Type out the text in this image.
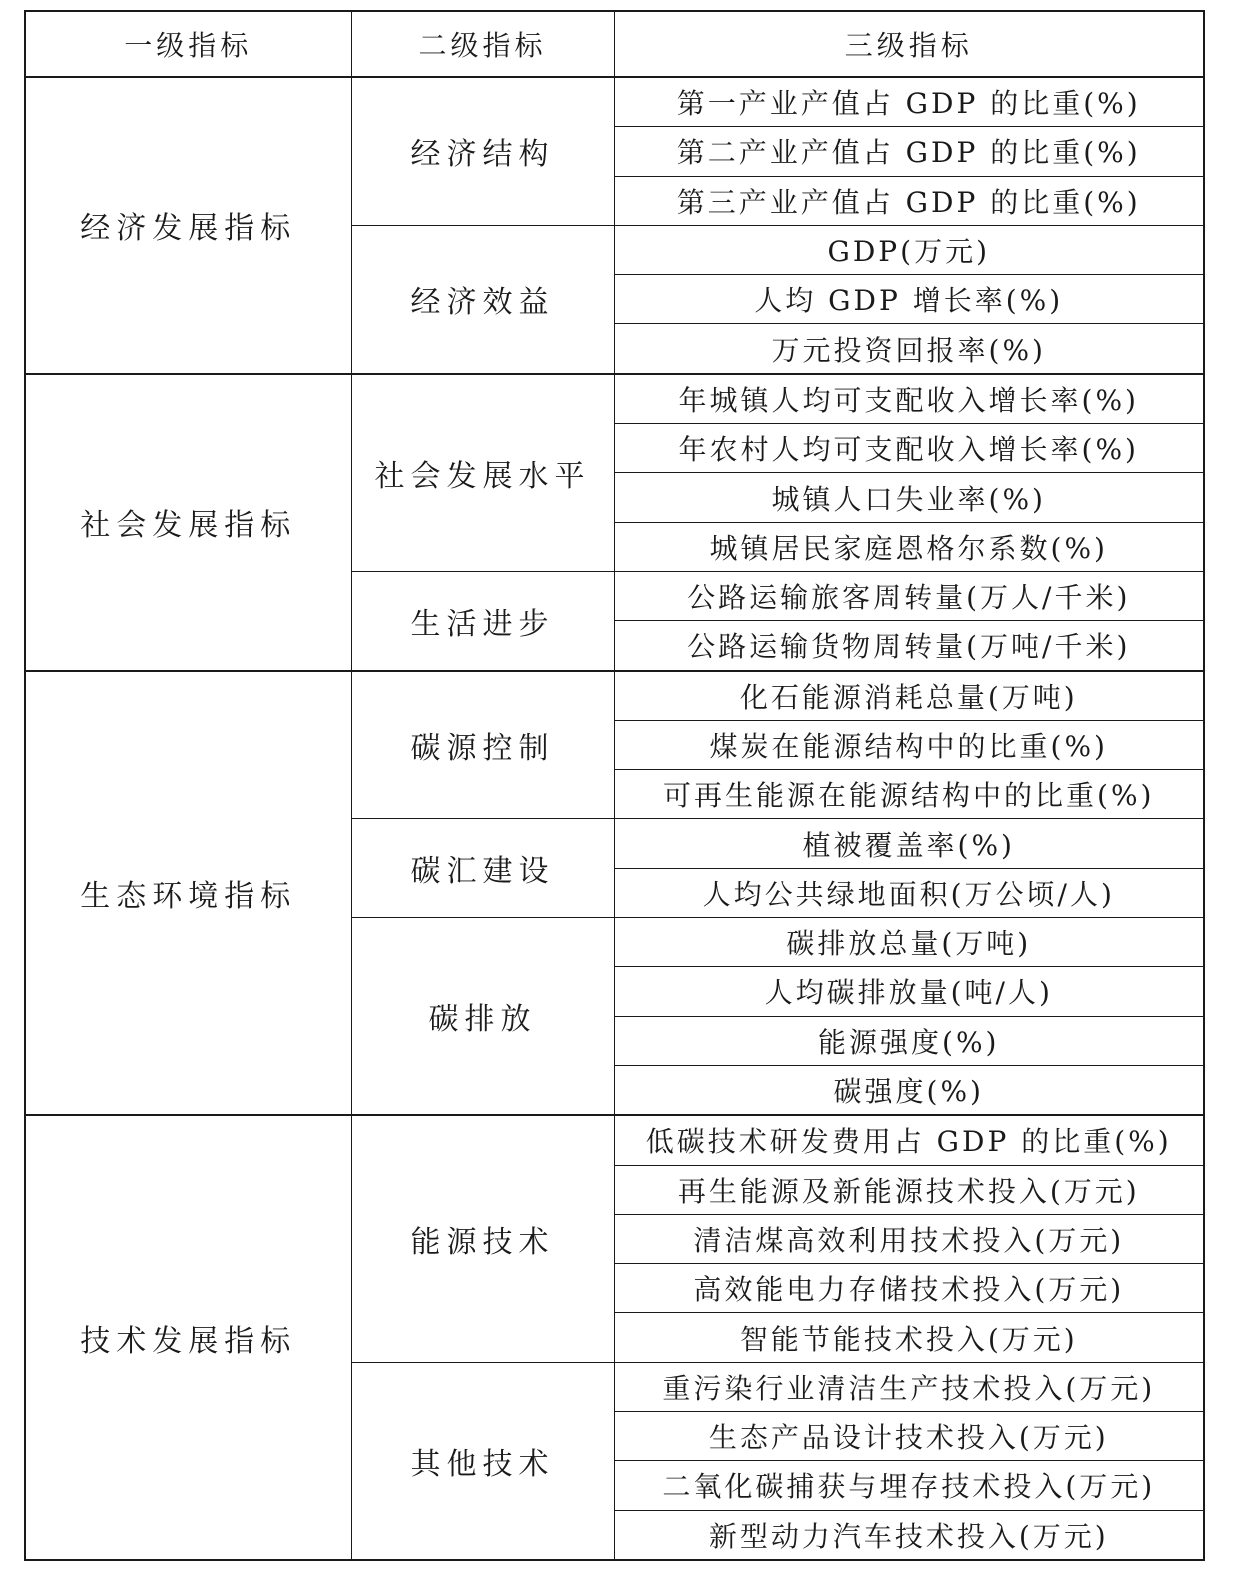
一级指标	二级指标	三级指标
经济发展指标	经济结构	第一产业产值占 GDP 的比重(%)
		第二产业产值占 GDP 的比重(%)
		第三产业产值占 GDP 的比重(%)
	经济效益	GDP(万元)
		人均 GDP 增长率(%)
		万元投资回报率(%)
社会发展指标	社会发展水平	年城镇人均可支配收入增长率(%)
		年农村人均可支配收入增长率(%)
		城镇人口失业率(%)
		城镇居民家庭恩格尔系数(%)
	生活进步	公路运输旅客周转量(万人/千米)
		公路运输货物周转量(万吨/千米)
生态环境指标	碳源控制	化石能源消耗总量(万吨)
		煤炭在能源结构中的比重(%)
		可再生能源在能源结构中的比重(%)
	碳汇建设	植被覆盖率(%)
		人均公共绿地面积(万公顷/人)
	碳排放	碳排放总量(万吨)
		人均碳排放量(吨/人)
		能源强度(%)
		碳强度(%)
技术发展指标	能源技术	低碳技术研发费用占 GDP 的比重(%)
		再生能源及新能源技术投入(万元)
		清洁煤高效利用技术投入(万元)
		高效能电力存储技术投入(万元)
		智能节能技术投入(万元)
	其他技术	重污染行业清洁生产技术投入(万元)
		生态产品设计技术投入(万元)
		二氧化碳捕获与埋存技术投入(万元)
		新型动力汽车技术投入(万元)
